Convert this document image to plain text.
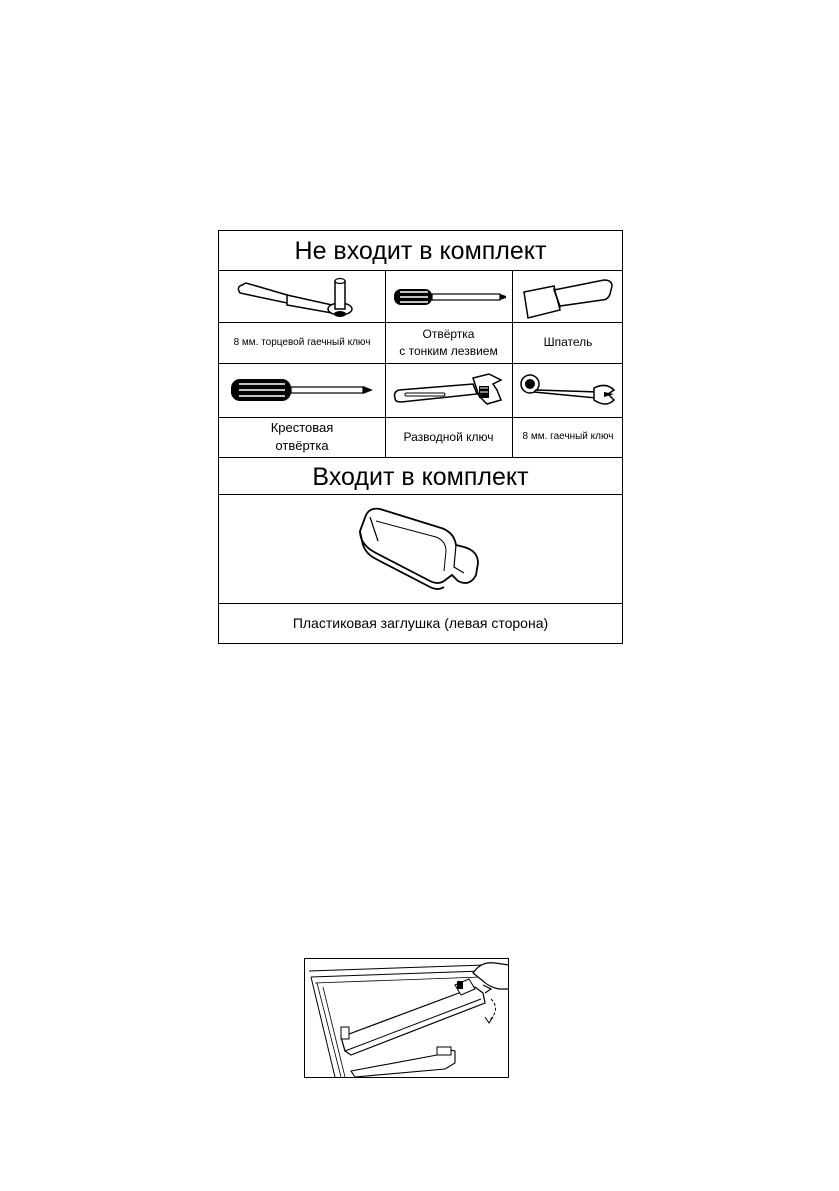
Не входит в комплект
8 мм. торцевой гаечный ключ
Отвёртка
с тонким лезвием
Шпатель
Крестовая
отвёртка
Разводной ключ	8 мм. гаечный ключ
Входит в комплект
Пластиковая заглушка (левая сторона)
